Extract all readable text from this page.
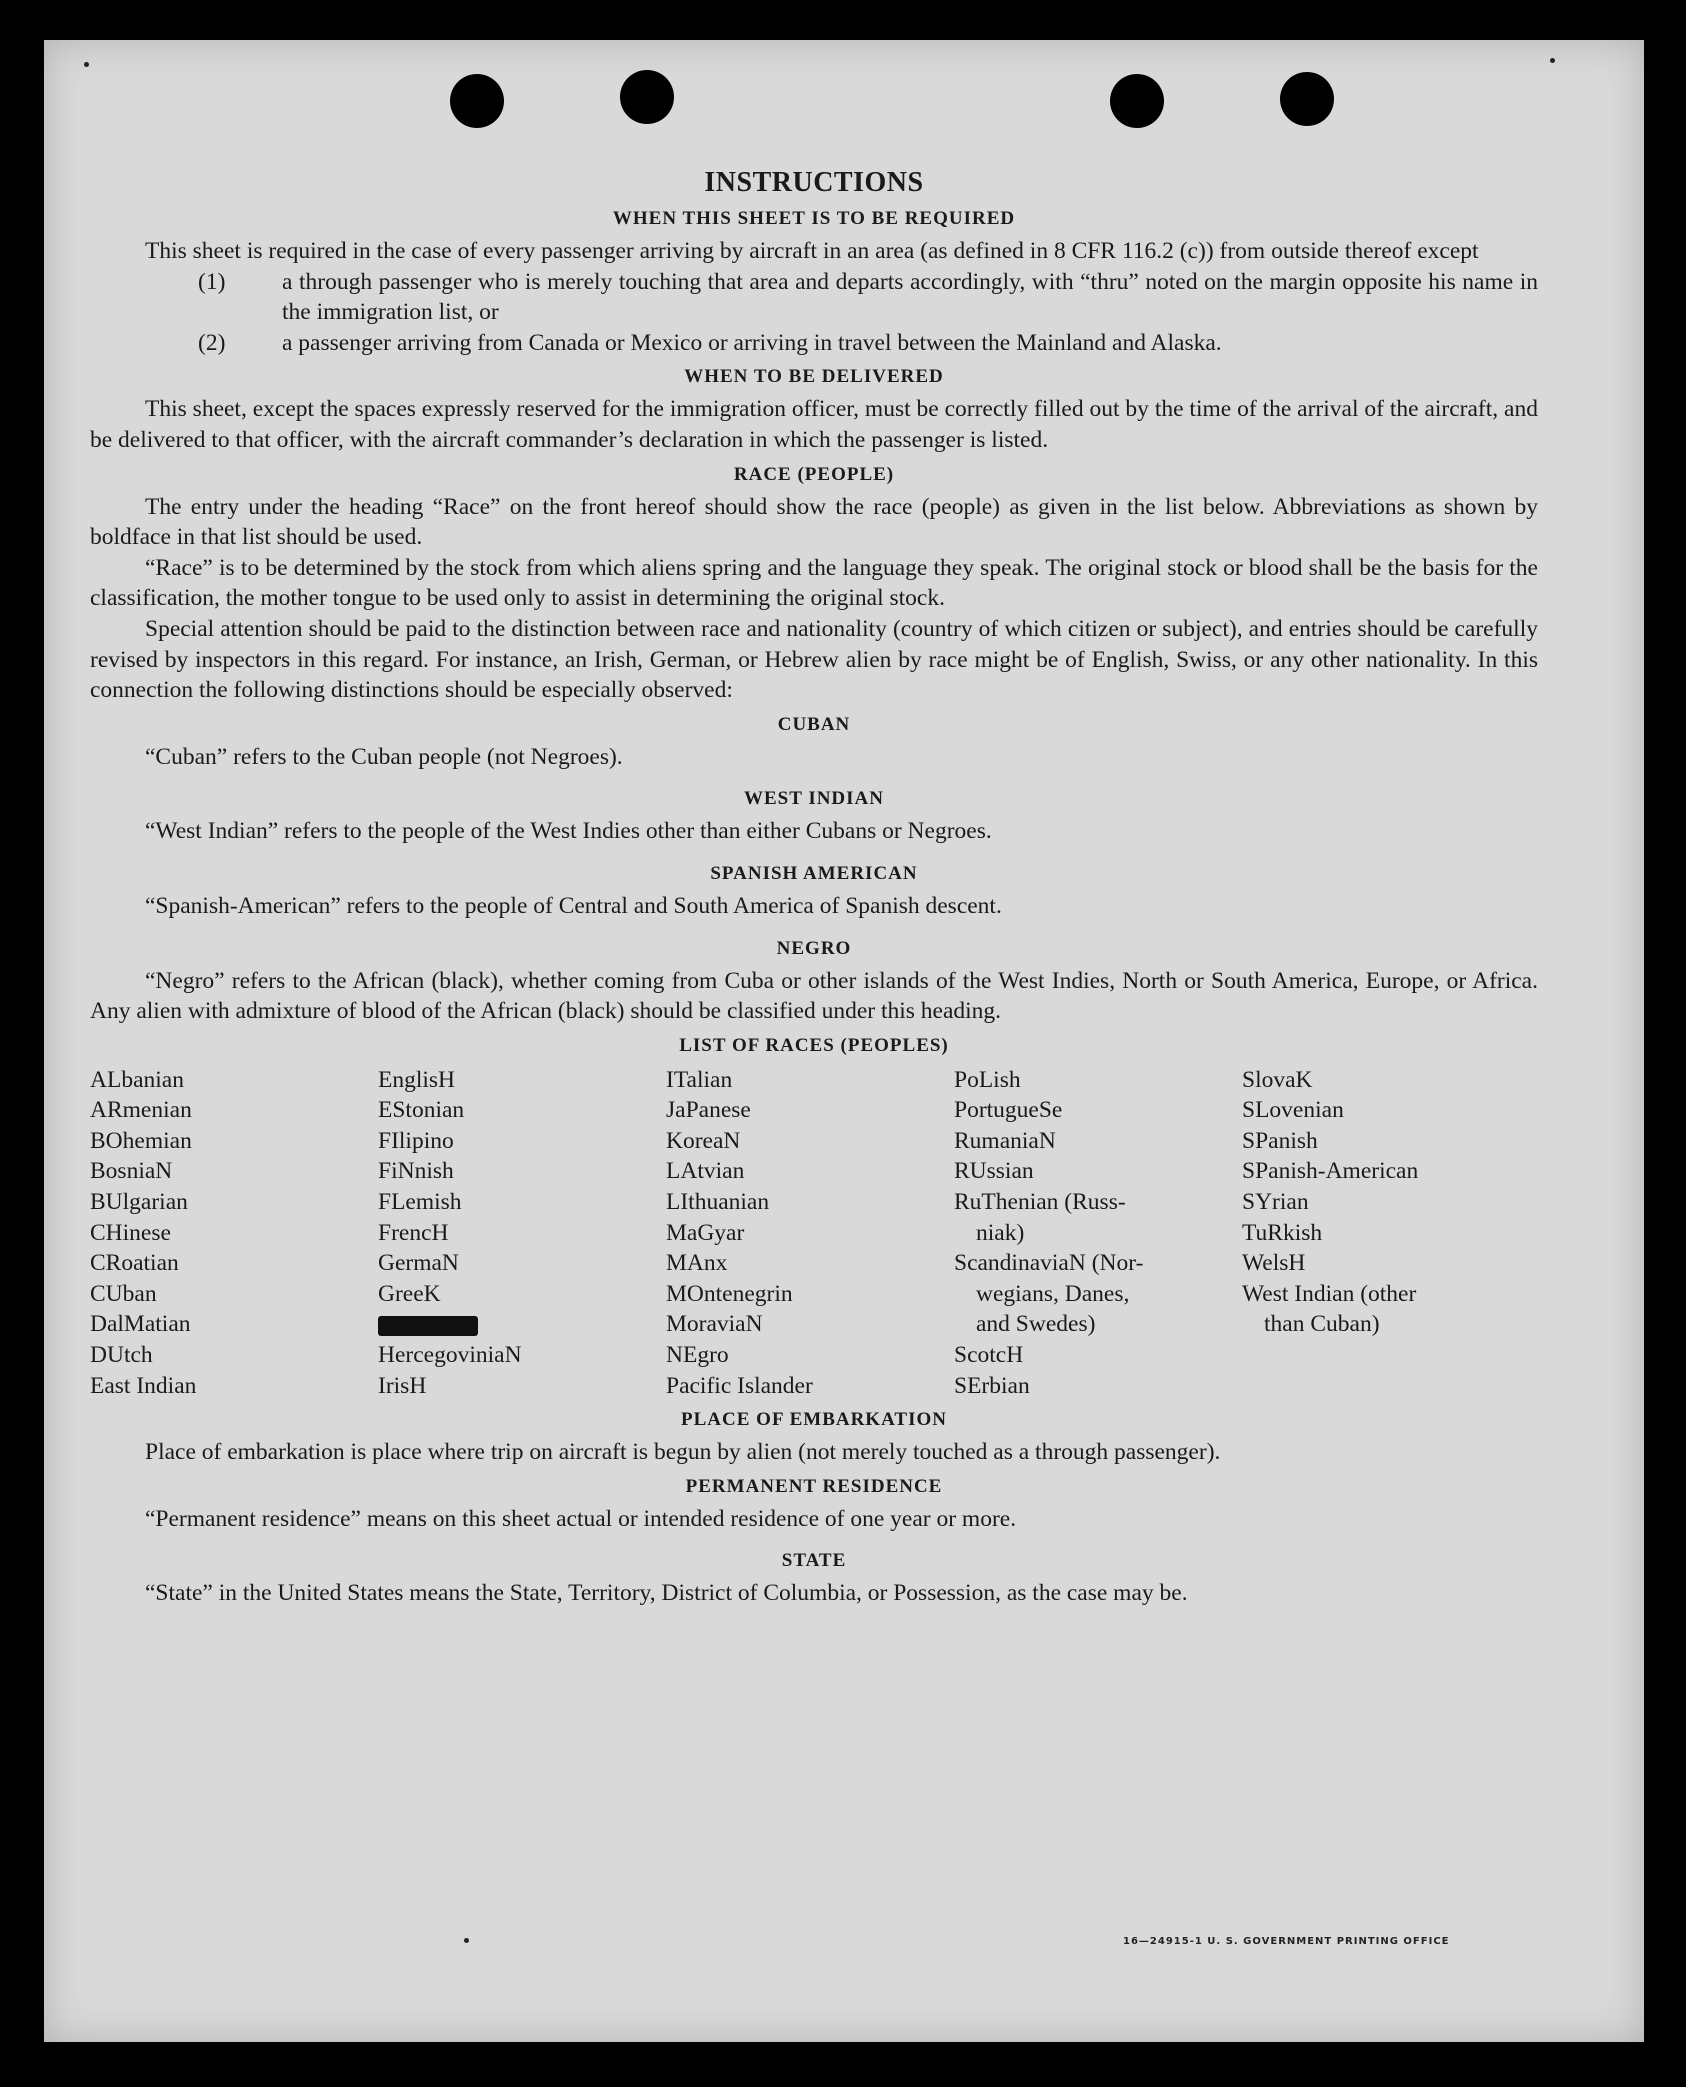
INSTRUCTIONS
WHEN THIS SHEET IS TO BE REQUIRED

This sheet is required in the case of every passenger arriving by aircraft in an area (as defined in 8 CFR 116.2 (c)) from outside thereof except

(1)	a through passenger who is merely touching that area and departs accordingly, with “thru” noted on the margin opposite his name in the immigration list, or
(2)	a passenger arriving from Canada or Mexico or arriving in travel between the Mainland and Alaska.
WHEN TO BE DELIVERED

This sheet, except the spaces expressly reserved for the immigration officer, must be correctly filled out by the time of the arrival of the aircraft, and be delivered to that officer, with the aircraft commander’s declaration in which the passenger is listed.

RACE (PEOPLE)

The entry under the heading “Race” on the front hereof should show the race (people) as given in the list below. Abbreviations as shown by boldface in that list should be used.

“Race” is to be determined by the stock from which aliens spring and the language they speak. The original stock or blood shall be the basis for the classification, the mother tongue to be used only to assist in determining the original stock.

Special attention should be paid to the distinction between race and nationality (country of which citizen or subject), and entries should be carefully revised by inspectors in this regard. For instance, an Irish, German, or Hebrew alien by race might be of English, Swiss, or any other nationality. In this connection the following distinctions should be especially observed:

CUBAN

“Cuban” refers to the Cuban people (not Negroes).

WEST INDIAN

“West Indian” refers to the people of the West Indies other than either Cubans or Negroes.

SPANISH AMERICAN

“Spanish-American” refers to the people of Central and South America of Spanish descent.

NEGRO

“Negro” refers to the African (black), whether coming from Cuba or other islands of the West Indies, North or South America, Europe, or Africa. Any alien with admixture of blood of the African (black) should be classified under this heading.

LIST OF RACES (PEOPLES)
ALbanian
ARmenian
BOhemian
BosniaN
BUlgarian
CHinese
CRoatian
CUban
DalMatian
DUtch
East Indian
EnglisH
EStonian
FIlipino
FiNnish
FLemish
FrencH
GermaN
GreeK
HercegoviniaN
IrisH
ITalian
JaPanese
KoreaN
LAtvian
LIthuanian
MaGyar
MAnx
MOntenegrin
MoraviaN
NEgro
Pacific Islander
PoLish
PortugueSe
RumaniaN
RUssian
RuThenian (Russ-
niak)
ScandinaviaN (Nor-
wegians, Danes,
and Swedes)
ScotcH
SErbian
SlovaK
SLovenian
SPanish
SPanish-American
SYrian
TuRkish
WelsH
West Indian (other
than Cuban)
PLACE OF EMBARKATION

Place of embarkation is place where trip on aircraft is begun by alien (not merely touched as a through passenger).

PERMANENT RESIDENCE

“Permanent residence” means on this sheet actual or intended residence of one year or more.

STATE

“State” in the United States means the State, Territory, District of Columbia, or Possession, as the case may be.

16—24915-1 U. S. GOVERNMENT PRINTING OFFICE
